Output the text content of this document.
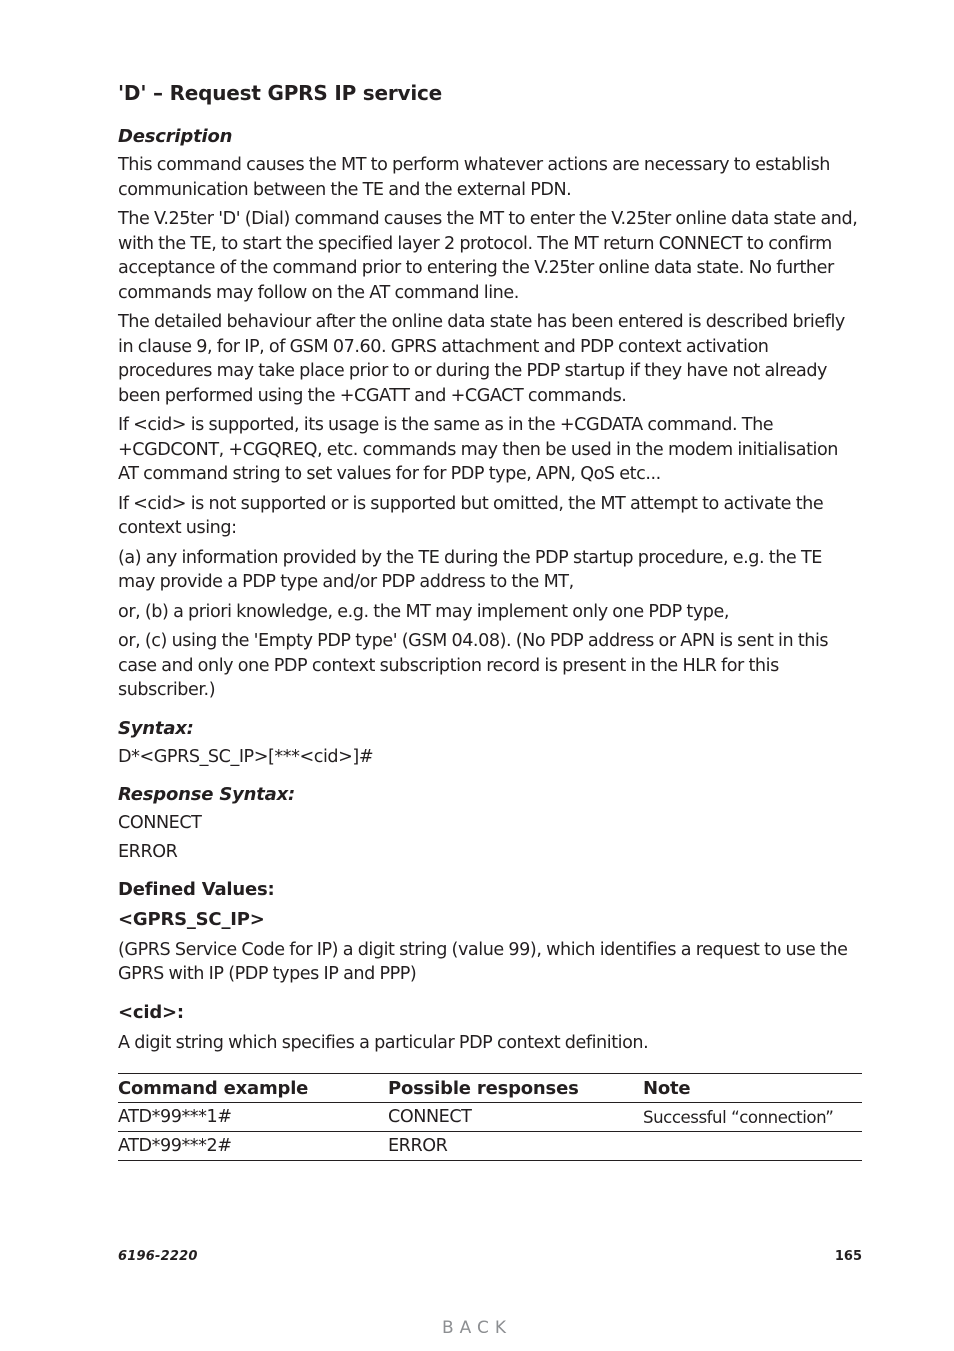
'D' – Request GPRS IP service
Description

This command causes the MT to perform whatever actions are necessary to establish communication between the TE and the external PDN.

The V.25ter 'D' (Dial) command causes the MT to enter the V.25ter online data state and, with the TE, to start the specified layer 2 protocol. The MT return CONNECT to confirm acceptance of the command prior to entering the V.25ter online data state. No further commands may follow on the AT command line.

The detailed behaviour after the online data state has been entered is described briefly in clause 9, for IP, of GSM 07.60. GPRS attachment and PDP context activation procedures may take place prior to or during the PDP startup if they have not already been performed using the +CGATT and +CGACT commands.

If <cid> is supported, its usage is the same as in the +CGDATA command. The +CGDCONT, +CGQREQ, etc. commands may then be used in the modem initialisation AT command string to set values for for PDP type, APN, QoS etc...

If <cid> is not supported or is supported but omitted, the MT attempt to activate the context using:

(a) any information provided by the TE during the PDP startup procedure, e.g. the TE may provide a PDP type and/or PDP address to the MT,

or, (b) a priori knowledge, e.g. the MT may implement only one PDP type,

or, (c) using the 'Empty PDP type' (GSM 04.08). (No PDP address or APN is sent in this case and only one PDP context subscription record is present in the HLR for this subscriber.)

Syntax:
D*<GPRS_SC_IP>[***<cid>]#
Response Syntax:
CONNECT
ERROR
Defined Values:
<GPRS_SC_IP>

(GPRS Service Code for IP) a digit string (value 99), which identifies a request to use the GPRS with IP (PDP types IP and PPP)

<cid>:

A digit string which specifies a particular PDP context definition.

Command example	Possible responses	Note
ATD*99***1#	CONNECT	Successful “connection”
ATD*99***2#	ERROR	
6196-2220	165
BACK
